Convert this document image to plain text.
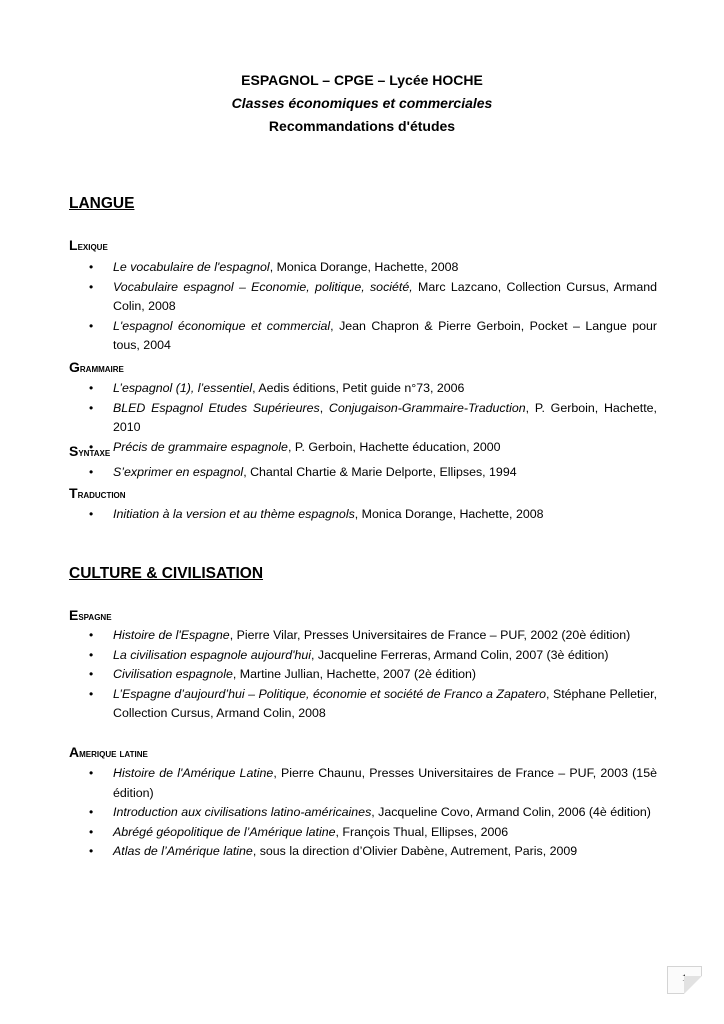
ESPAGNOL – CPGE – Lycée HOCHE
Classes économiques et commerciales
Recommandations d'études
LANGUE
Lexique
• Le vocabulaire de l'espagnol, Monica Dorange, Hachette, 2008
• Vocabulaire espagnol – Economie, politique, société, Marc Lazcano, Collection Cursus, Armand Colin, 2008
• L'espagnol économique et commercial, Jean Chapron & Pierre Gerboin, Pocket – Langue pour tous, 2004
Grammaire
• L’espagnol (1), l’essentiel, Aedis éditions, Petit guide n°73, 2006
• BLED Espagnol Etudes Supérieures, Conjugaison-Grammaire-Traduction, P. Gerboin, Hachette, 2010
• Précis de grammaire espagnole, P. Gerboin, Hachette éducation, 2000
Syntaxe
• S’exprimer en espagnol, Chantal Chartie & Marie Delporte, Ellipses, 1994
Traduction
• Initiation à la version et au thème espagnols, Monica Dorange, Hachette, 2008
CULTURE & CIVILISATION
Espagne
• Histoire de l'Espagne, Pierre Vilar, Presses Universitaires de France – PUF, 2002 (20è édition)
• La civilisation espagnole aujourd'hui, Jacqueline Ferreras, Armand Colin, 2007 (3è édition)
• Civilisation espagnole, Martine Jullian, Hachette, 2007 (2è édition)
• L’Espagne d’aujourd’hui – Politique, économie et société de Franco a Zapatero, Stéphane Pelletier, Collection Cursus, Armand Colin, 2008
Amerique latine
• Histoire de l'Amérique Latine, Pierre Chaunu, Presses Universitaires de France – PUF, 2003 (15è édition)
• Introduction aux civilisations latino-américaines, Jacqueline Covo, Armand Colin, 2006 (4è édition)
• Abrégé géopolitique de l’Amérique latine, François Thual, Ellipses, 2006
• Atlas de l’Amérique latine, sous la direction d’Olivier Dabène, Autrement, Paris, 2009
1
